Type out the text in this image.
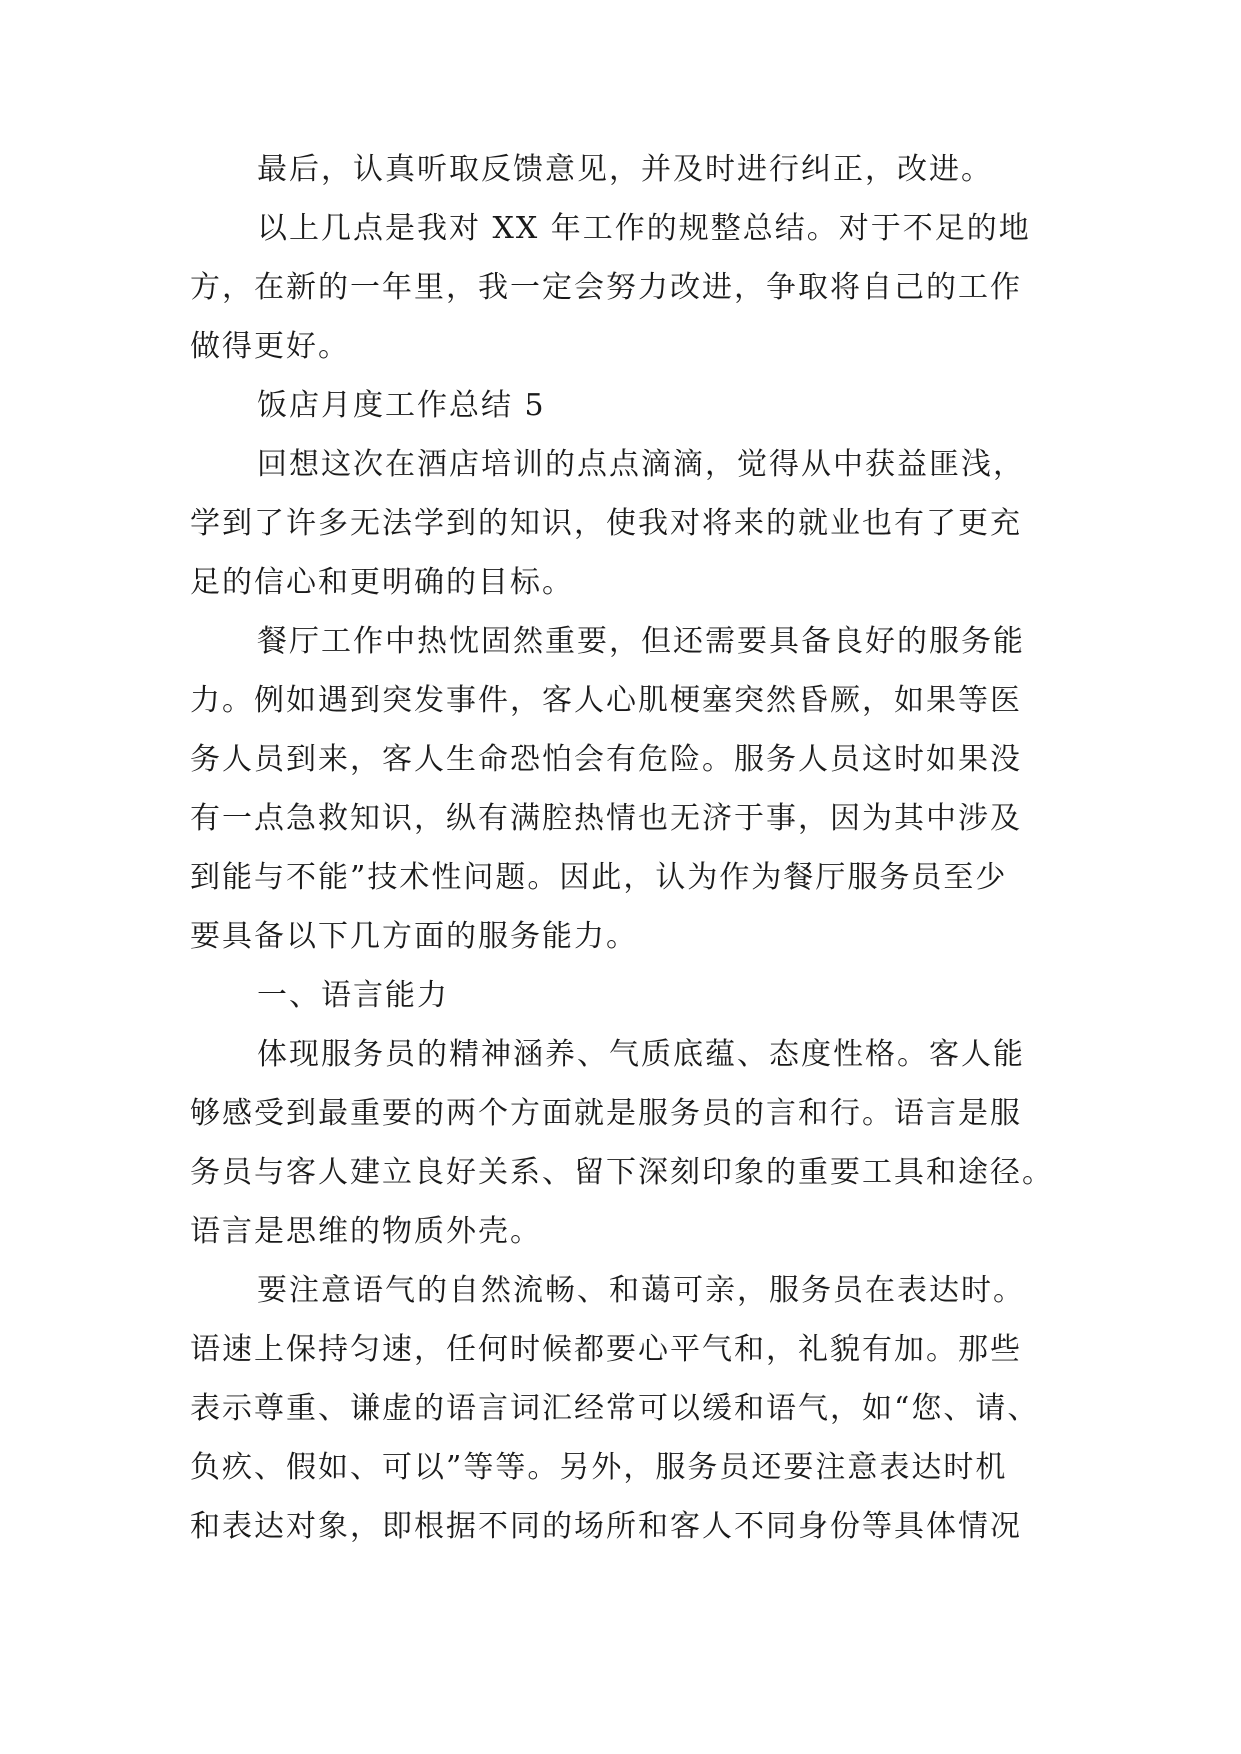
最后，认真听取反馈意见，并及时进行纠正，改进。
以上几点是我对 XX 年工作的规整总结。对于不足的地
方，在新的一年里，我一定会努力改进，争取将自己的工作
做得更好。
饭店月度工作总结 5
回想这次在酒店培训的点点滴滴，觉得从中获益匪浅，
学到了许多无法学到的知识，使我对将来的就业也有了更充
足的信心和更明确的目标。
餐厅工作中热忱固然重要，但还需要具备良好的服务能
力。例如遇到突发事件，客人心肌梗塞突然昏厥，如果等医
务人员到来，客人生命恐怕会有危险。服务人员这时如果没
有一点急救知识，纵有满腔热情也无济于事，因为其中涉及
到能与不能”技术性问题。因此，认为作为餐厅服务员至少
要具备以下几方面的服务能力。
一、语言能力
体现服务员的精神涵养、气质底蕴、态度性格。客人能
够感受到最重要的两个方面就是服务员的言和行。语言是服
务员与客人建立良好关系、留下深刻印象的重要工具和途径。
语言是思维的物质外壳。
要注意语气的自然流畅、和蔼可亲，服务员在表达时。
语速上保持匀速，任何时候都要心平气和，礼貌有加。那些
表示尊重、谦虚的语言词汇经常可以缓和语气，如“您、请、
负疚、假如、可以”等等。另外，服务员还要注意表达时机
和表达对象，即根据不同的场所和客人不同身份等具体情况
